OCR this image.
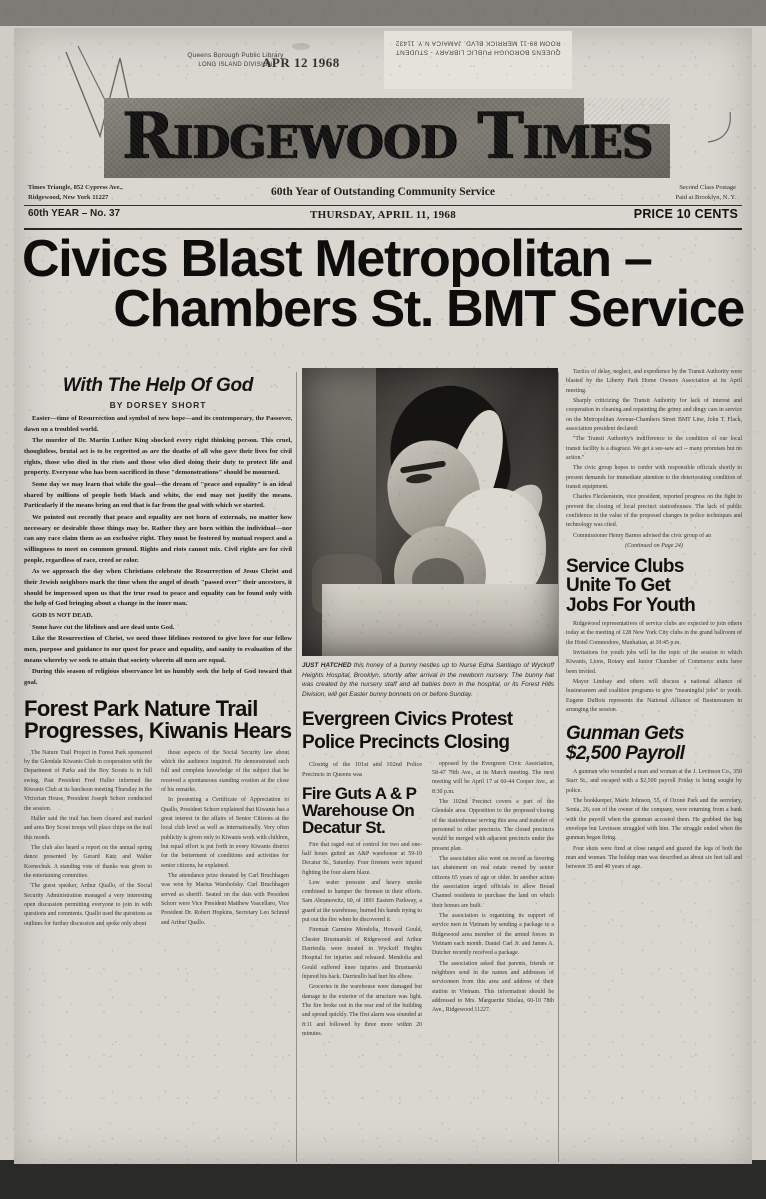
Queens Borough Public Library
LONG ISLAND DIVISION
APR 12 1968
QUEENS BOROUGH PUBLIC LIBRARY - STUDENT ROOM 89-11 MERRICK BLVD. JAMAICA N.Y. 11432
Ridgewood Times
Times Triangle, 852 Cypress Ave.,
Ridgewood, New York 11227	60th Year of Outstanding Community Service	Second Class Postage
Paid at Brooklyn, N. Y.
60th YEAR – No. 37	THURSDAY, APRIL 11, 1968	PRICE 10 CENTS
Civics Blast Metropolitan –
Chambers St. BMT Service
With The Help Of God
BY DORSEY SHORT

Easter—time of Resurrection and symbol of new hope—and its contemporary, the Passover, dawn on a troubled world.

The murder of Dr. Martin Luther King shocked every right thinking person. This cruel, thoughtless, brutal act is to be regretted as are the deaths of all who gave their lives for civil rights, those who died in the riots and those who died doing their duty to protect life and property. Everyone who has been sacrificed in these "demonstrations" should be mourned.

Some day we may learn that while the goal—the dream of "peace and equality" is an ideal shared by millions of people both black and white, the end may not justify the means. Particularly if the means bring an end that is far from the goal with which we started.

We pointed out recently that peace and equality are not born of externals, no matter how necessary or desirable those things may be. Rather they are born within the individual—nor can any race claim them as an exclusive right. They must be fostered by mutual respect and a willingness to meet on common ground. Rights and riots cannot mix. Civil rights are for civil people, regardless of race, creed or color.

As we approach the day when Christians celebrate the Resurrection of Jesus Christ and their Jewish neighbors mark the time when the angel of death "passed over" their ancestors, it should be impressed upon us that the true road to peace and equality can be found only with the help of God bringing about a change in the inner man.

GOD IS NOT DEAD.

Some have cut the lifelines and are dead unto God.

Like the Resurrection of Christ, we need those lifelines restored to give love for our fellow men, purpose and guidance to our quest for peace and equality, and sanity to evaluation of the means whereby we seek to attain that society wherein all men are equal.

During this season of religious observance let us humbly seek the help of God toward that goal.

Forest Park Nature Trail
Progresses, Kiwanis Hears

The Nature Trail Project in Forest Park sponsored by the Glendale Kiwanis Club in cooperation with the Department of Parks and the Boy Scouts is in full swing, Past President Fred Haller informed the Kiwanis Club at its luncheon meeting Thursday in the Victorian House, President Joseph Schorr conducted the session.

Haller said the trail has been cleared and marked and area Boy Scout troops will place chips on the trail this month.

The club also heard a report on the annual spring dance presented by Gerard Katz and Walter Kornechuk. A standing vote of thanks was given to the entertaining committee.

The guest speaker, Arthur Quallo, of the Social Security Administration managed a very interesting open discussion permitting everyone to join in with questions and comments. Quallo used the questions as outlines for further discussion and spoke only about

those aspects of the Social Security law about which the audience inquired. He demonstrated such full and complete knowledge of the subject that he received a spontaneous standing ovation at the close of his remarks.

In presenting a Certificate of Appreciation to Quallo, President Schorr explained that Kiwanis has a great interest in the affairs of Senior Citizens at the local club level as well as internationally. Very often publicity is given only to Kiwanis work with children, but equal effort is put forth in every Kiwanis district for the betterment of conditions and activities for senior citizens, he explained.

The attendance prize donated by Carl Bruchhagen was won by Marius Warshofsky. Carl Bruchhagen served as sheriff. Seated on the dais with President Schorr were Vice President Matthew Vascellaro, Vice President Dr. Robert Hopkins, Secretary Leo Schmid and Arthur Quallo.

JUST HATCHED this honey of a bunny nestles up to Nurse Edna Santiago of Wyckoff Heights Hospital, Brooklyn, shortly after arrival in the newborn nursery. The bunny hat was created by the nursery staff and all babies born in the hospital, or its Forest Hills Division, will get Easter bunny bonnets on or before Sunday.
Evergreen Civics Protest
Police Precincts Closing

Closing of the 101st and 102nd Police Precincts in Queens was

Fire Guts A & P
Warehouse On
Decatur St.

Fire that raged out of control for two and one-half hours gutted an A&P warehouse at 59-10 Decatur St., Saturday. Four firemen were injured fighting the four alarm blaze.

Low water pressure and heavy smoke combined to hamper the firemen in their efforts. Sam Abramowitz, 60, of 1891 Eastern Parkway, a guard at the warehouse, burned his hands trying to put out the fire when he discovered it.

Fireman Carmine Mendolia, Howard Gould, Chester Brustuarski of Ridgewood and Arthur Darrieulis were treated in Wyckoff Heights Hospital for injuries and released. Mendolia and Gould suffered knee injuries and Brustuarski injured his back. Darrieullo had hurt his elbow.

Groceries in the warehouse were damaged but damage to the exterior of the structure was light. The fire broke out in the rear end of the building and spread quickly. The first alarm was sounded at 8:11 and followed by three more within 20 minutes.

opposed by the Evergreen Civic Association, 58-47 79th Ave., at its March meeting. The next meeting will be April 17 at 60-44 Cooper Ave., at 8:30 p.m.

The 102nd Precinct covers a part of the Glendale area. Opposition to the proposed closing of the stationhouse serving this area and transfer of personnel to other precincts. The closed precincts would be merged with adjacent precincts under the present plan.

The association also went on record as favoring tax abatement on real estate owned by senior citizens 65 years of age or older. In another action the association urged officials to allow Broad Channel residents to purchase the land on which their homes are built.

The association is organizing its support of service men in Vietnam by sending a package to a Ridgewood area member of the armed forces in Vietnam each month. Daniel Carl Jr. and James A. Dutcher recently received a package.

The association asked that parents, friends or neighbors send in the names and addresses of servicemen from this area and address of their station in Vietnam. This information should be addressed to Mrs. Marguerite Stielau, 60-10 78th Ave., Ridgewood 11227.

Tactics of delay, neglect, and expedience by the Transit Authority were blasted by the Liberty Park Home Owners Association at its April meeting.

Sharply criticizing the Transit Authority for lack of interest and cooperation in cleaning and repainting the grimy and dingy cars in service on the Metropolitan Avenue-Chambers Street BMT Line, John T. Flack, association president declared:

"The Transit Authority's indifference to the condition of our local transit facility is a disgrace. We get a see-saw act -- many promises but no action."

The civic group hopes to confer with responsible officials shortly to present demands for immediate attention to the deteriorating condition of transit equipment.

Charles Fleckenstein, vice president, reported progress on the fight to prevent the closing of local precinct stationhouses. The lack of public confidence in the value of the proposed changes in police techniques and technology was cited.

Commissioner Henry Barnes advised the civic group of an

(Continued on Page 24)
Service Clubs
Unite To Get
Jobs For Youth

Ridgewood representatives of service clubs are expected to join others today at the meeting of 128 New York City clubs in the grand ballroom of the Hotel Commodore, Manhattan, at 10:45 p.m.

Invitations for youth jobs will be the topic of the session to which Kiwanis, Lions, Rotary and Junior Chamber of Commerce units have been invited.

Mayor Lindsay and others will discuss a national alliance of businessmen and coalition programs to give "meaningful jobs" to youth. Eugene DuBois represents the National Alliance of Businessmen in arranging the session.

Gunman Gets
$2,500 Payroll

A gunman who wounded a man and woman at the J. Levinson Co., 350 Starr St., and escaped with a $2,500 payroll Friday is being sought by police.

The bookkeeper, Marie Johnson, 55, of Ozone Park and the secretary, Sonia, 26, son of the owner of the company, were returning from a bank with the payroll when the gunman accosted them. He grabbed the bag envelope but Levinson struggled with him. The struggle ended when the gunman began firing.

Four shots were fired at close ranged and grazed the legs of both the man and woman. The holdup man was described as about six feet tall and between 35 and 40 years of age.
